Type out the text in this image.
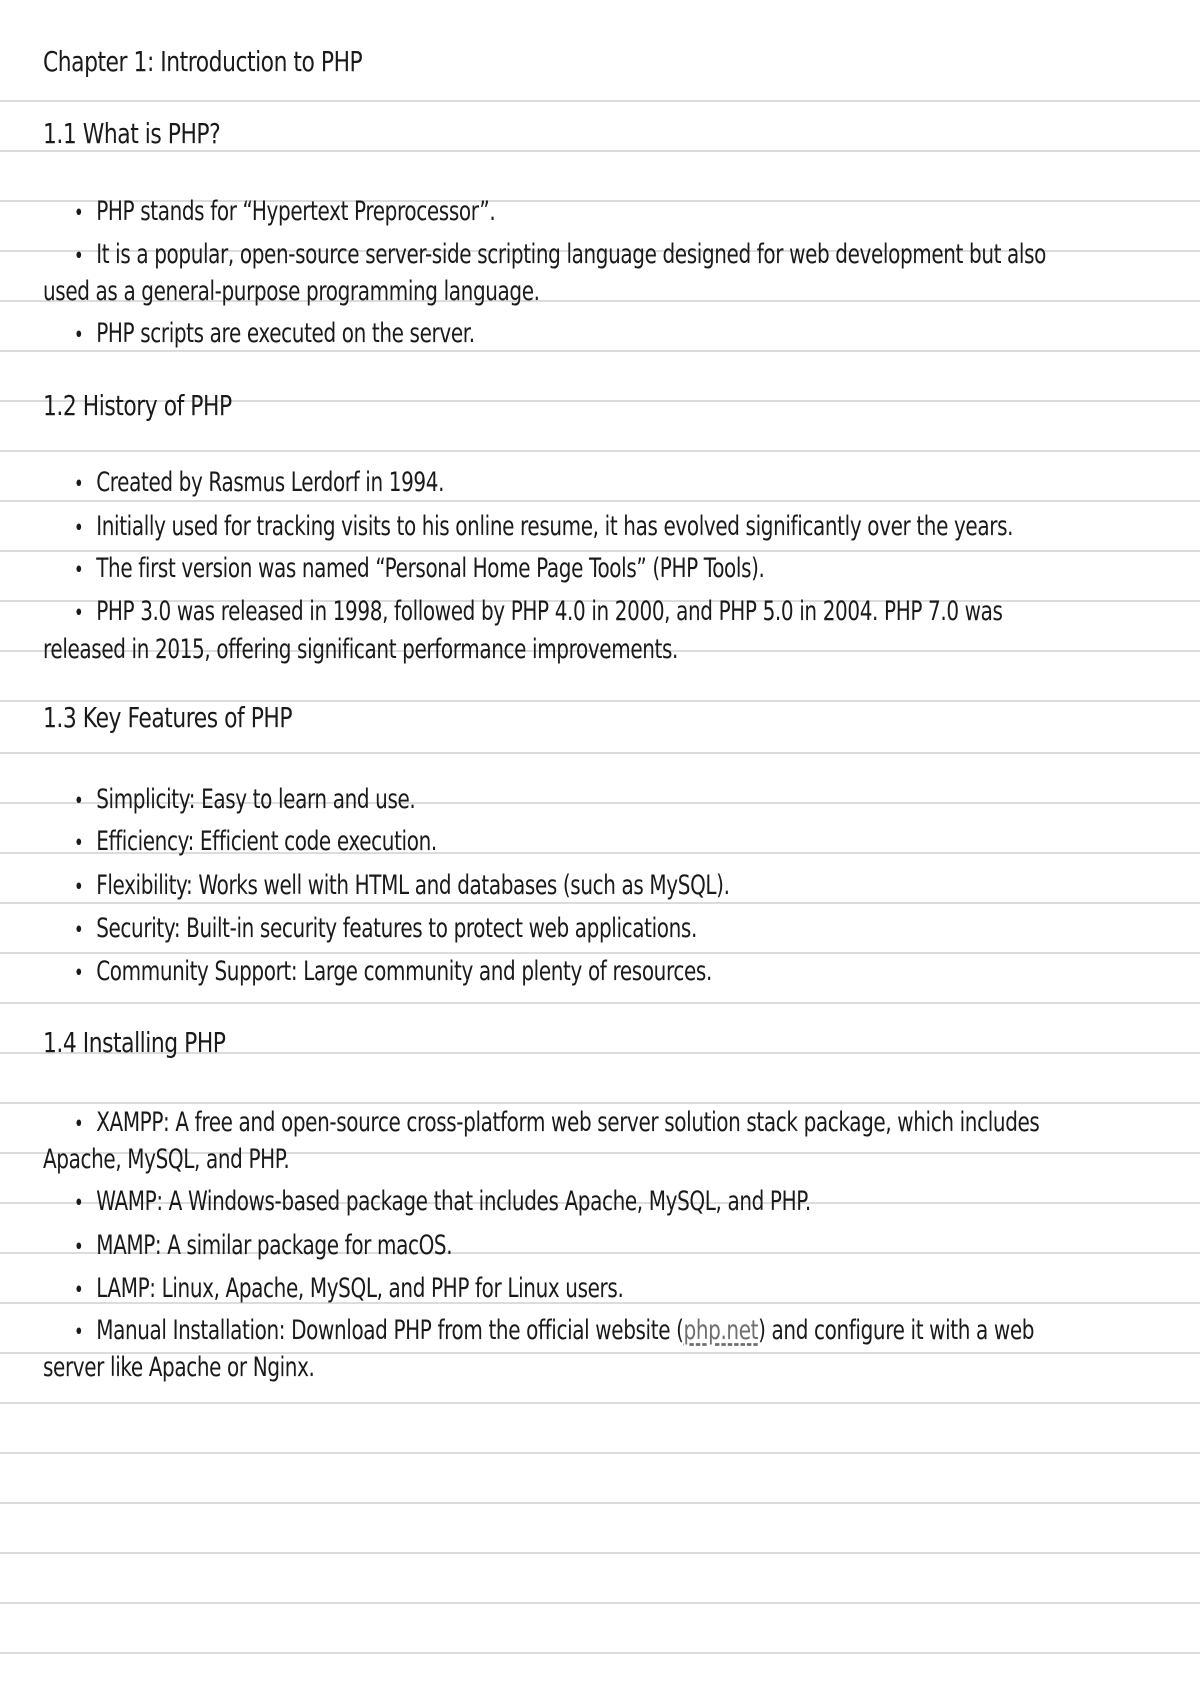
Chapter 1: Introduction to PHP
1.1 What is PHP?
• PHP stands for “Hypertext Preprocessor”.
• It is a popular, open-source server-side scripting language designed for web development but also
used as a general-purpose programming language.
• PHP scripts are executed on the server.
1.2 History of PHP
• Created by Rasmus Lerdorf in 1994.
• Initially used for tracking visits to his online resume, it has evolved significantly over the years.
• The first version was named “Personal Home Page Tools” (PHP Tools).
• PHP 3.0 was released in 1998, followed by PHP 4.0 in 2000, and PHP 5.0 in 2004. PHP 7.0 was
released in 2015, offering significant performance improvements.
1.3 Key Features of PHP
• Simplicity: Easy to learn and use.
• Efficiency: Efficient code execution.
• Flexibility: Works well with HTML and databases (such as MySQL).
• Security: Built-in security features to protect web applications.
• Community Support: Large community and plenty of resources.
1.4 Installing PHP
• XAMPP: A free and open-source cross-platform web server solution stack package, which includes
Apache, MySQL, and PHP.
• WAMP: A Windows-based package that includes Apache, MySQL, and PHP.
• MAMP: A similar package for macOS.
• LAMP: Linux, Apache, MySQL, and PHP for Linux users.
• Manual Installation: Download PHP from the official website (php.net) and configure it with a web
server like Apache or Nginx.
